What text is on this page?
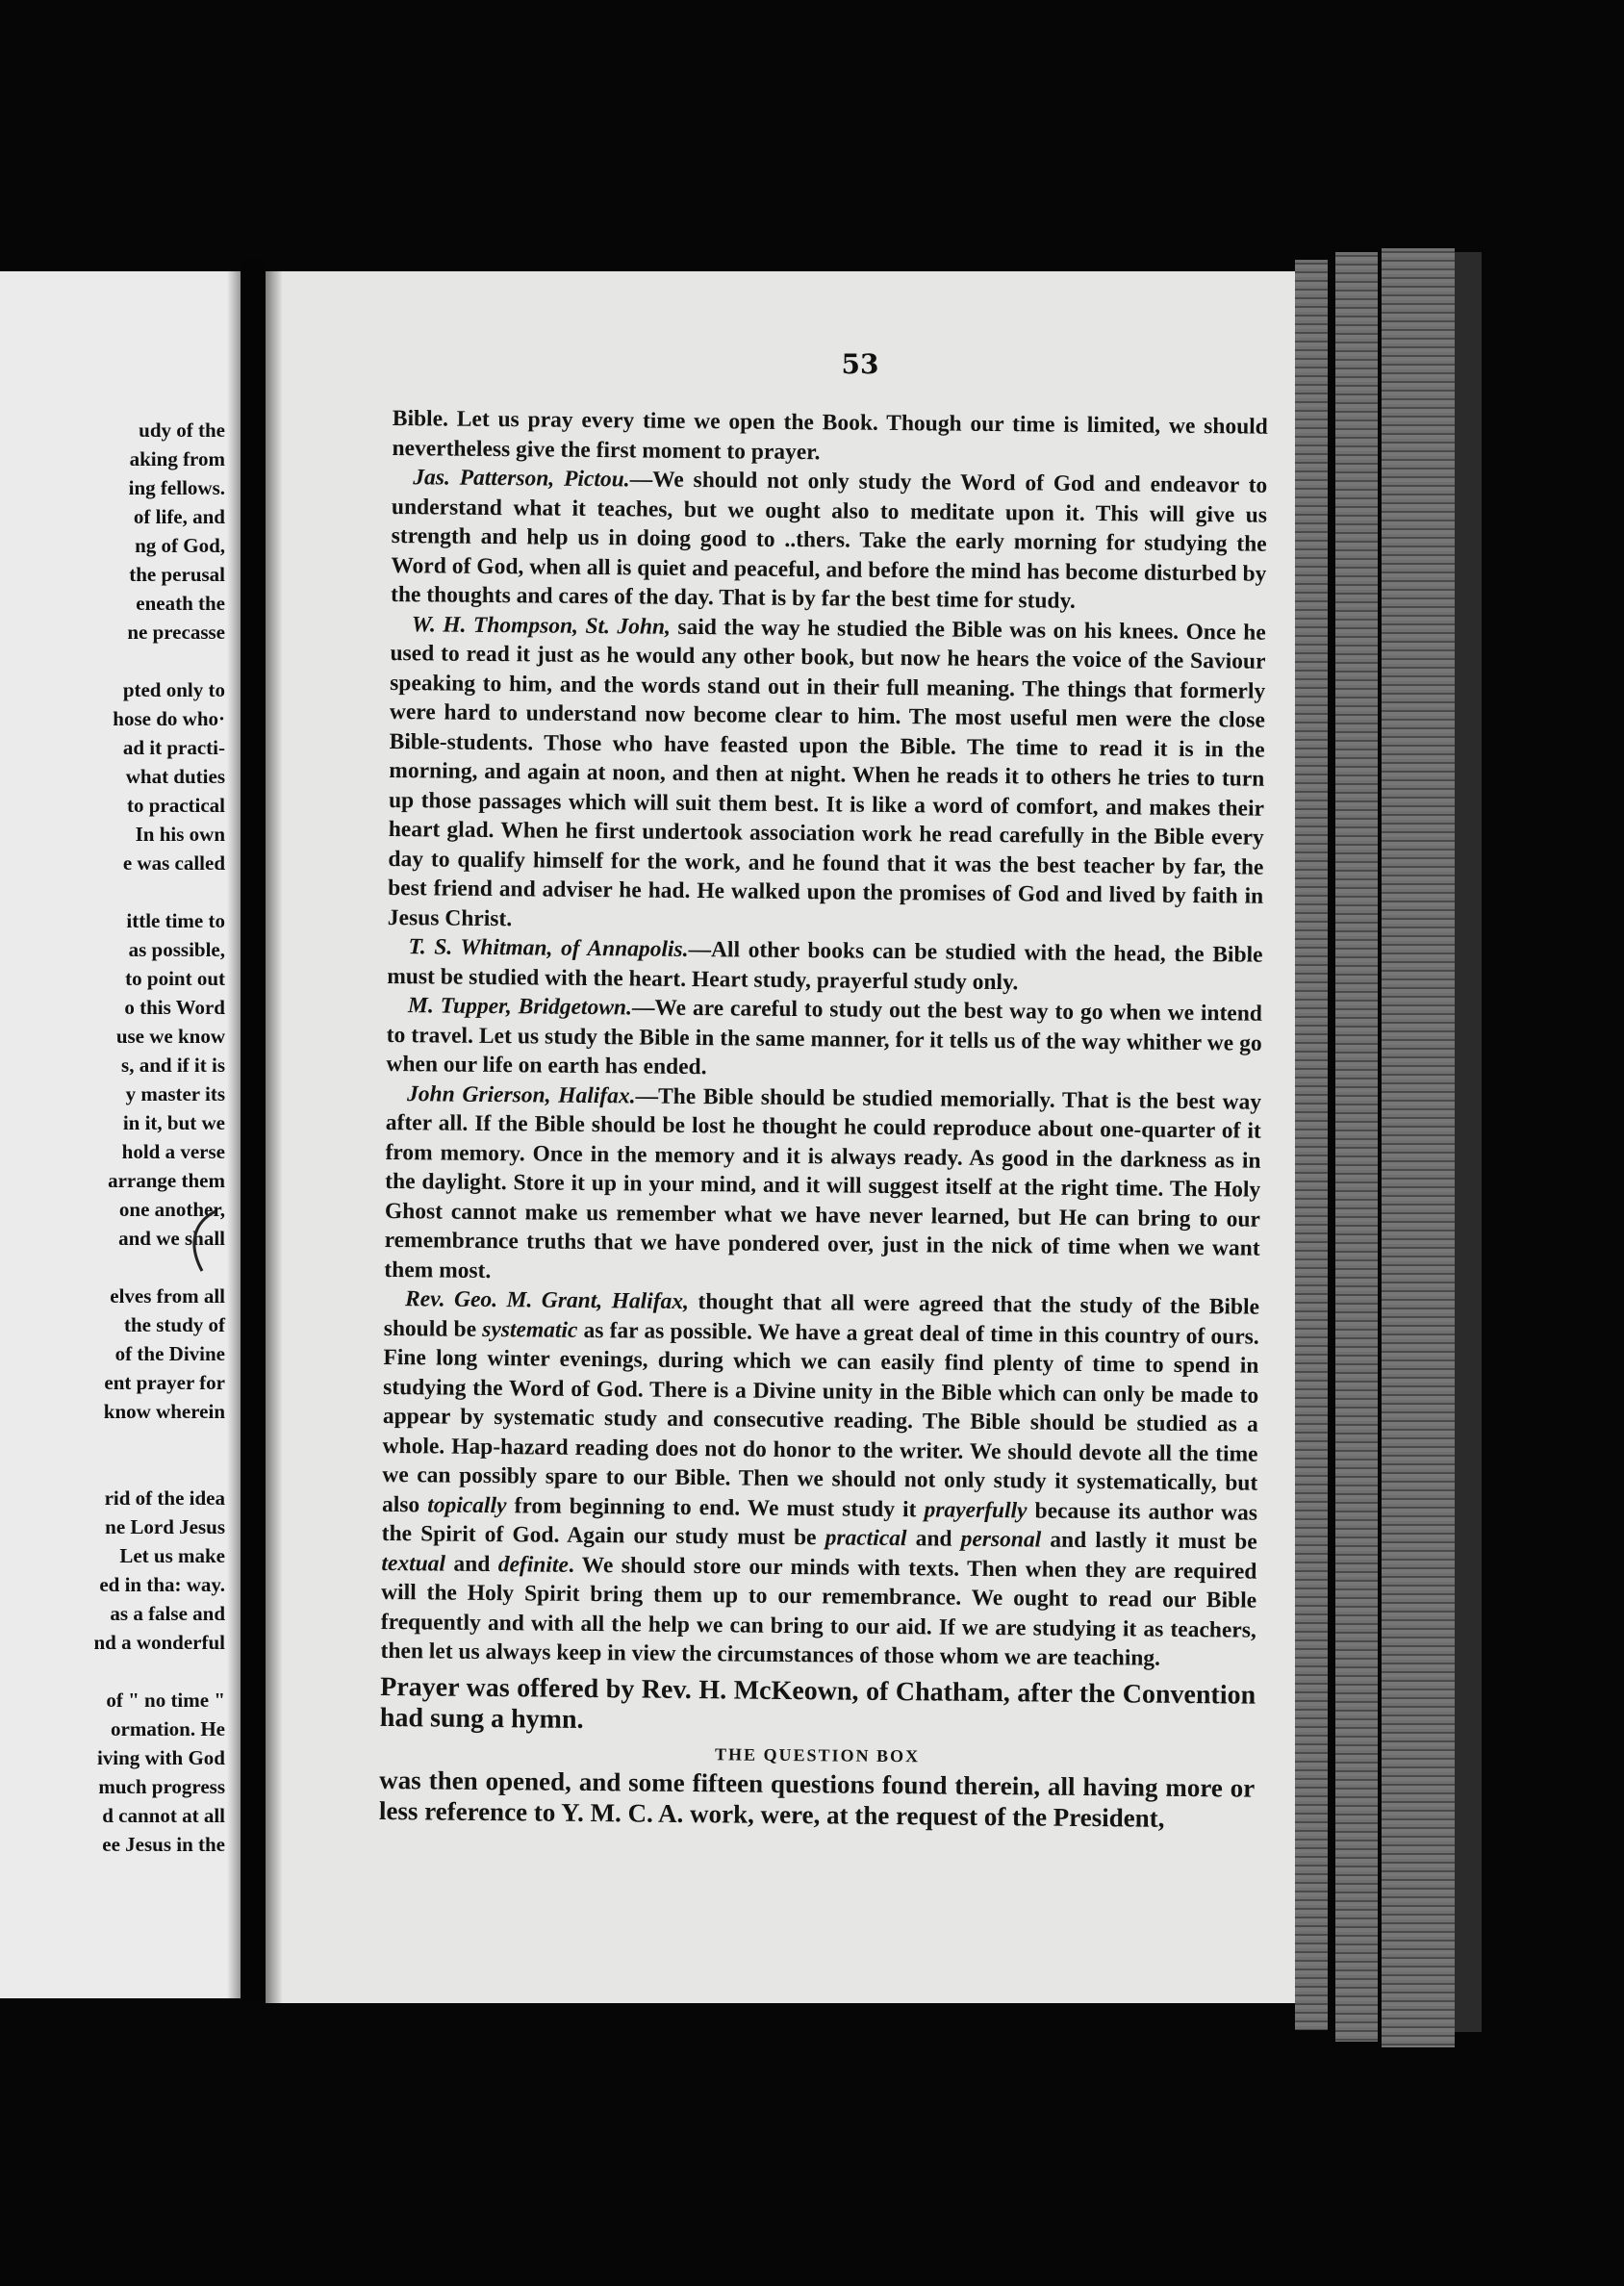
udy of the
aking from
ing fellows.
of life, and
ng of God,
the perusal
eneath the
ne precasse
pted only to
hose do who·
ad it practi-
what duties
to practical
In his own
e was called
ittle time to
as possible,
to point out
o this Word
use we know
s, and if it is
y master its
in it, but we
hold a verse
arrange them
one another,
and we shall
elves from all
the study of
of the Divine
ent prayer for
know wherein
rid of the idea
ne Lord Jesus
Let us make
ed in tha: way.
as a false and
nd a wonderful
of " no time "
ormation. He
iving with God
much progress
d cannot at all
ee Jesus in the
53

Bible. Let us pray every time we open the Book. Though our time is limited, we should nevertheless give the first moment to prayer.

Jas. Patterson, Pictou.—We should not only study the Word of God and endeavor to understand what it teaches, but we ought also to meditate upon it. This will give us strength and help us in doing good to ..thers. Take the early morning for studying the Word of God, when all is quiet and peaceful, and before the mind has become disturbed by the thoughts and cares of the day. That is by far the best time for study.

W. H. Thompson, St. John, said the way he studied the Bible was on his knees. Once he used to read it just as he would any other book, but now he hears the voice of the Saviour speaking to him, and the words stand out in their full meaning. The things that formerly were hard to understand now become clear to him. The most useful men were the close Bible-students. Those who have feasted upon the Bible. The time to read it is in the morning, and again at noon, and then at night. When he reads it to others he tries to turn up those passages which will suit them best. It is like a word of comfort, and makes their heart glad. When he first undertook association work he read carefully in the Bible every day to qualify himself for the work, and he found that it was the best teacher by far, the best friend and adviser he had. He walked upon the promises of God and lived by faith in Jesus Christ.

T. S. Whitman, of Annapolis.—All other books can be studied with the head, the Bible must be studied with the heart. Heart study, prayerful study only.

M. Tupper, Bridgetown.—We are careful to study out the best way to go when we intend to travel. Let us study the Bible in the same manner, for it tells us of the way whither we go when our life on earth has ended.

John Grierson, Halifax.—The Bible should be studied memorially. That is the best way after all. If the Bible should be lost he thought he could reproduce about one-quarter of it from memory. Once in the memory and it is always ready. As good in the darkness as in the daylight. Store it up in your mind, and it will suggest itself at the right time. The Holy Ghost cannot make us remember what we have never learned, but He can bring to our remembrance truths that we have pondered over, just in the nick of time when we want them most.

Rev. Geo. M. Grant, Halifax, thought that all were agreed that the study of the Bible should be systematic as far as possible. We have a great deal of time in this country of ours. Fine long winter evenings, during which we can easily find plenty of time to spend in studying the Word of God. There is a Divine unity in the Bible which can only be made to appear by systematic study and consecutive reading. The Bible should be studied as a whole. Hap-hazard reading does not do honor to the writer. We should devote all the time we can possibly spare to our Bible. Then we should not only study it systematically, but also topically from beginning to end. We must study it prayerfully because its author was the Spirit of God. Again our study must be practical and personal and lastly it must be textual and definite. We should store our minds with texts. Then when they are required will the Holy Spirit bring them up to our remembrance. We ought to read our Bible frequently and with all the help we can bring to our aid. If we are studying it as teachers, then let us always keep in view the circumstances of those whom we are teaching.

Prayer was offered by Rev. H. McKeown, of Chatham, after the Convention had sung a hymn.

THE QUESTION BOX

was then opened, and some fifteen questions found therein, all having more or less reference to Y. M. C. A. work, were, at the request of the President,
